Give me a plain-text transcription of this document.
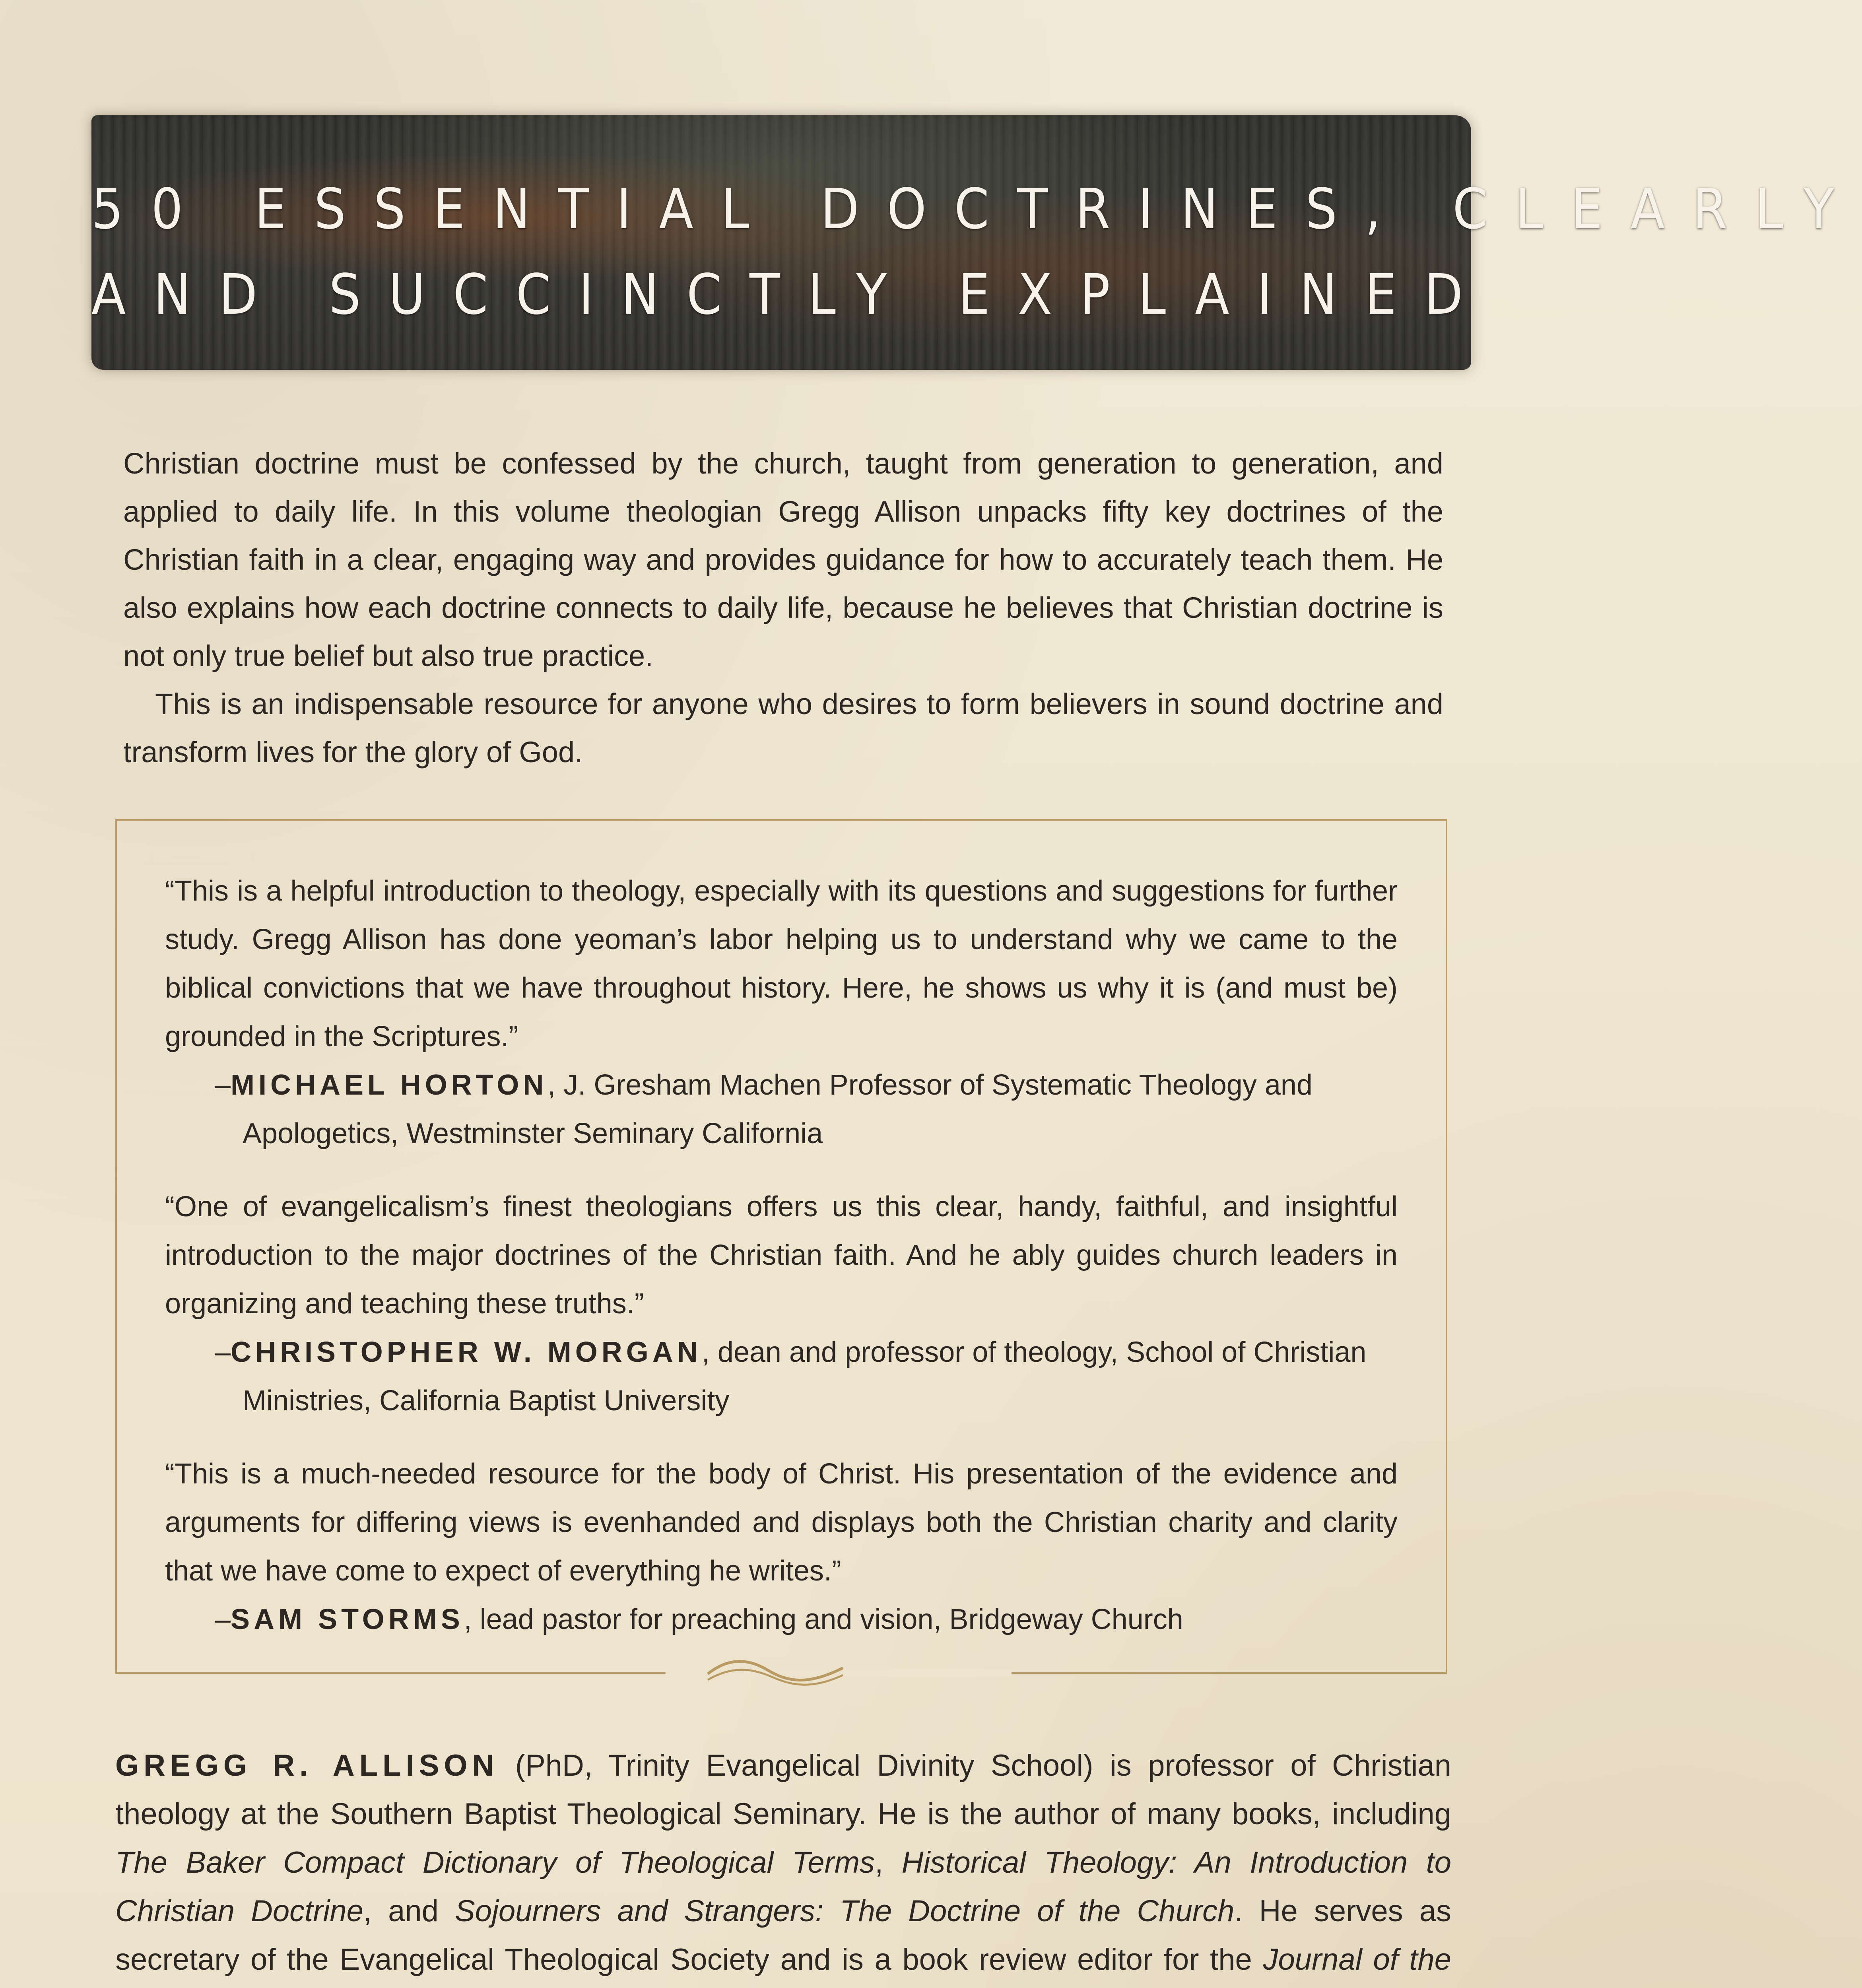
50 ESSENTIAL DOCTRINES, CLEARLY
AND SUCCINCTLY EXPLAINED

Christian doctrine must be confessed by the church, taught from generation to generation, and applied to daily life. In this volume theologian Gregg Allison unpacks fifty key doctrines of the Christian faith in a clear, engaging way and provides guidance for how to accurately teach them. He also explains how each doctrine connects to daily life, because he believes that Christian doctrine is not only true belief but also true practice.

This is an indispensable resource for anyone who desires to form believers in sound doctrine and transform lives for the glory of God.

“This is a helpful introduction to theology, especially with its questions and suggestions for further study. Gregg Allison has done yeoman’s labor helping us to understand why we came to the biblical convictions that we have throughout history. Here, he shows us why it is (and must be) grounded in the Scriptures.”

–MICHAEL HORTON, J. Gresham Machen Professor of Systematic Theology and Apologetics, Westminster Seminary California

“One of evangelicalism’s finest theologians offers us this clear, handy, faithful, and insightful introduction to the major doctrines of the Christian faith. And he ably guides church leaders in organizing and teaching these truths.”

–CHRISTOPHER W. MORGAN, dean and professor of theology, School of Christian Ministries, California Baptist University

“This is a much-needed resource for the body of Christ. His presentation of the evidence and arguments for differing views is evenhanded and displays both the Christian charity and clarity that we have come to expect of everything he writes.”

–SAM STORMS, lead pastor for preaching and vision, Bridgeway Church

GREGG R. ALLISON (PhD, Trinity Evangelical Divinity School) is professor of Christian theology at the Southern Baptist Theological Seminary. He is the author of many books, including The Baker Compact Dictionary of Theological Terms, Historical Theology: An Introduction to Christian Doctrine, and Sojourners and Strangers: The Doctrine of the Church. He serves as secretary of the Evangelical Theological Society and is a book review editor for the Journal of the
